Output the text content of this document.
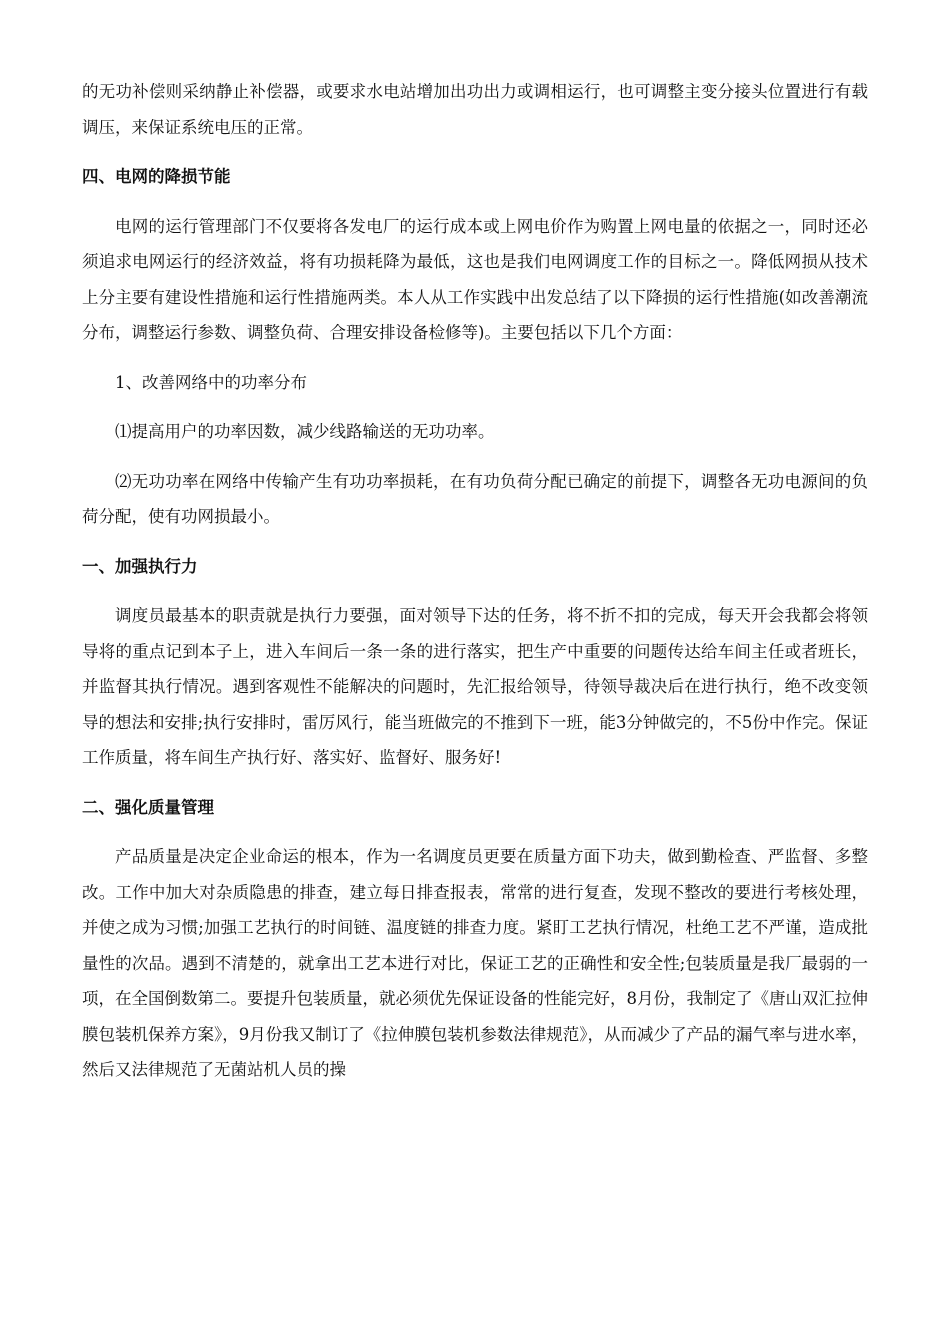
的无功补偿则采纳静止补偿器，或要求水电站增加出功出力或调相运行，也可调整主变分接头位置进行有载调压，来保证系统电压的正常。

四、电网的降损节能

电网的运行管理部门不仅要将各发电厂的运行成本或上网电价作为购置上网电量的依据之一，同时还必须追求电网运行的经济效益，将有功损耗降为最低，这也是我们电网调度工作的目标之一。降低网损从技术上分主要有建设性措施和运行性措施两类。本人从工作实践中出发总结了以下降损的运行性措施(如改善潮流分布，调整运行参数、调整负荷、合理安排设备检修等)。主要包括以下几个方面：

1、改善网络中的功率分布

⑴提高用户的功率因数，减少线路输送的无功功率。

⑵无功功率在网络中传输产生有功功率损耗，在有功负荷分配已确定的前提下，调整各无功电源间的负荷分配，使有功网损最小。

一、加强执行力

调度员最基本的职责就是执行力要强，面对领导下达的任务，将不折不扣的完成，每天开会我都会将领导将的重点记到本子上，进入车间后一条一条的进行落实，把生产中重要的问题传达给车间主任或者班长，并监督其执行情况。遇到客观性不能解决的问题时，先汇报给领导，待领导裁决后在进行执行，绝不改变领导的想法和安排;执行安排时，雷厉风行，能当班做完的不推到下一班，能3分钟做完的，不5份中作完。保证工作质量，将车间生产执行好、落实好、监督好、服务好!

二、强化质量管理

产品质量是决定企业命运的根本，作为一名调度员更要在质量方面下功夫，做到勤检查、严监督、多整改。工作中加大对杂质隐患的排查，建立每日排查报表，常常的进行复查，发现不整改的要进行考核处理，并使之成为习惯;加强工艺执行的时间链、温度链的排查力度。紧盯工艺执行情况，杜绝工艺不严谨，造成批量性的次品。遇到不清楚的，就拿出工艺本进行对比，保证工艺的正确性和安全性;包装质量是我厂最弱的一项，在全国倒数第二。要提升包装质量，就必须优先保证设备的性能完好，8月份，我制定了《唐山双汇拉伸膜包装机保养方案》，9月份我又制订了《拉伸膜包装机参数法律规范》，从而减少了产品的漏气率与进水率，然后又法律规范了无菌站机人员的操
